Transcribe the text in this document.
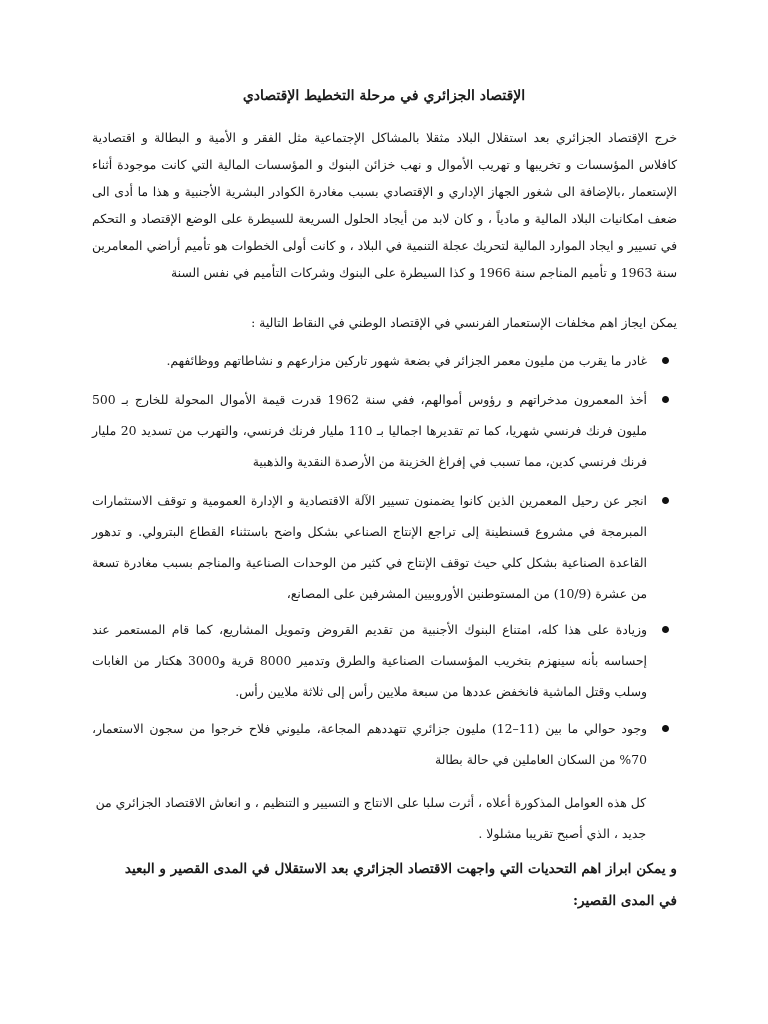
الإقتصاد الجزائري في مرحلة التخطيط الإقتصادي

خرج الإقتصاد الجزائري بعد استقلال البلاد مثقلا بالمشاكل الإجتماعية مثل الفقر و الأمية و البطالة و اقتصادية كافلاس المؤسسات و تخريبها و تهريب الأموال و نهب خزائن البنوك و المؤسسات المالية التي كانت موجودة أثناء الإستعمار ،بالإضافة الى شغور الجهاز الإداري و الإقتصادي بسبب مغادرة الكوادر البشرية الأجنبية و هذا ما أدى الى ضعف امكانيات البلاد المالية و مادياً ، و كان لابد من أيجاد الحلول السريعة للسيطرة على الوضع الإقتصاد و التحكم في تسيير و ايجاد الموارد المالية لتحريك عجلة التنمية في البلاد ، و كانت أولى الخطوات هو تأميم أراضي المعامرين سنة 1963 و تأميم المناجم سنة 1966 و كذا السيطرة على البنوك وشركات التأميم في نفس السنة

يمكن ايجاز اهم مخلفات الإستعمار الفرنسي في الإقتصاد الوطني في النقاط التالية :

غادر ما يقرب من مليون معمر الجزائر في بضعة شهور تاركين مزارعهم و نشاطاتهم ووظائفهم.
أخذ المعمرون مدخراتهم و رؤوس أموالهم، ففي سنة 1962 قدرت قيمة الأموال المحولة للخارج بـ 500 مليون فرنك فرنسي شهريا، كما تم تقديرها اجماليا بـ 110 مليار فرنك فرنسي، والتهرب من تسديد 20 مليار فرنك فرنسي كدين، مما تسبب في إفراغ الخزينة من الأرصدة النقدية والذهبية
انجر عن رحيل المعمرين الذين كانوا يضمنون تسيير الآلة الاقتصادية و الإدارة العمومية و توقف الاستثمارات المبرمجة في مشروع قسنطينة إلى تراجع الإنتاج الصناعي بشكل واضح باستثناء القطاع البترولي. و تدهور القاعدة الصناعية بشكل كلي حيث توقف الإنتاج في كثير من الوحدات الصناعية والمناجم بسبب مغادرة تسعة من عشرة (10/9) من المستوطنين الأوروبيين المشرفين على المصانع،
وزيادة على هذا كله، امتناع البنوك الأجنبية من تقديم القروض وتمويل المشاريع، كما قام المستعمر عند إحساسه بأنه سينهزم بتخريب المؤسسات الصناعية والطرق وتدمير 8000 قرية و3000 هكتار من الغابات وسلب وقتل الماشية فانخفض عددها من سبعة ملايين رأس إلى ثلاثة ملايين رأس.
وجود حوالي ما بين (11–12) مليون جزائري تتهددهم المجاعة، مليوني فلاح خرجوا من سجون الاستعمار، 70% من السكان العاملين في حالة بطالة

كل هذه العوامل المذكورة أعلاه ، أثرت سلبا على الانتاج و التسيير و التنظيم ، و انعاش الاقتصاد الجزائري من جديد ، الذي أصبح تقريبا مشلولا .

و يمكن ابراز اهم التحديات التي واجهت الاقتصاد الجزائري بعد الاستقلال في المدى القصير و البعيد
في المدى القصير:
